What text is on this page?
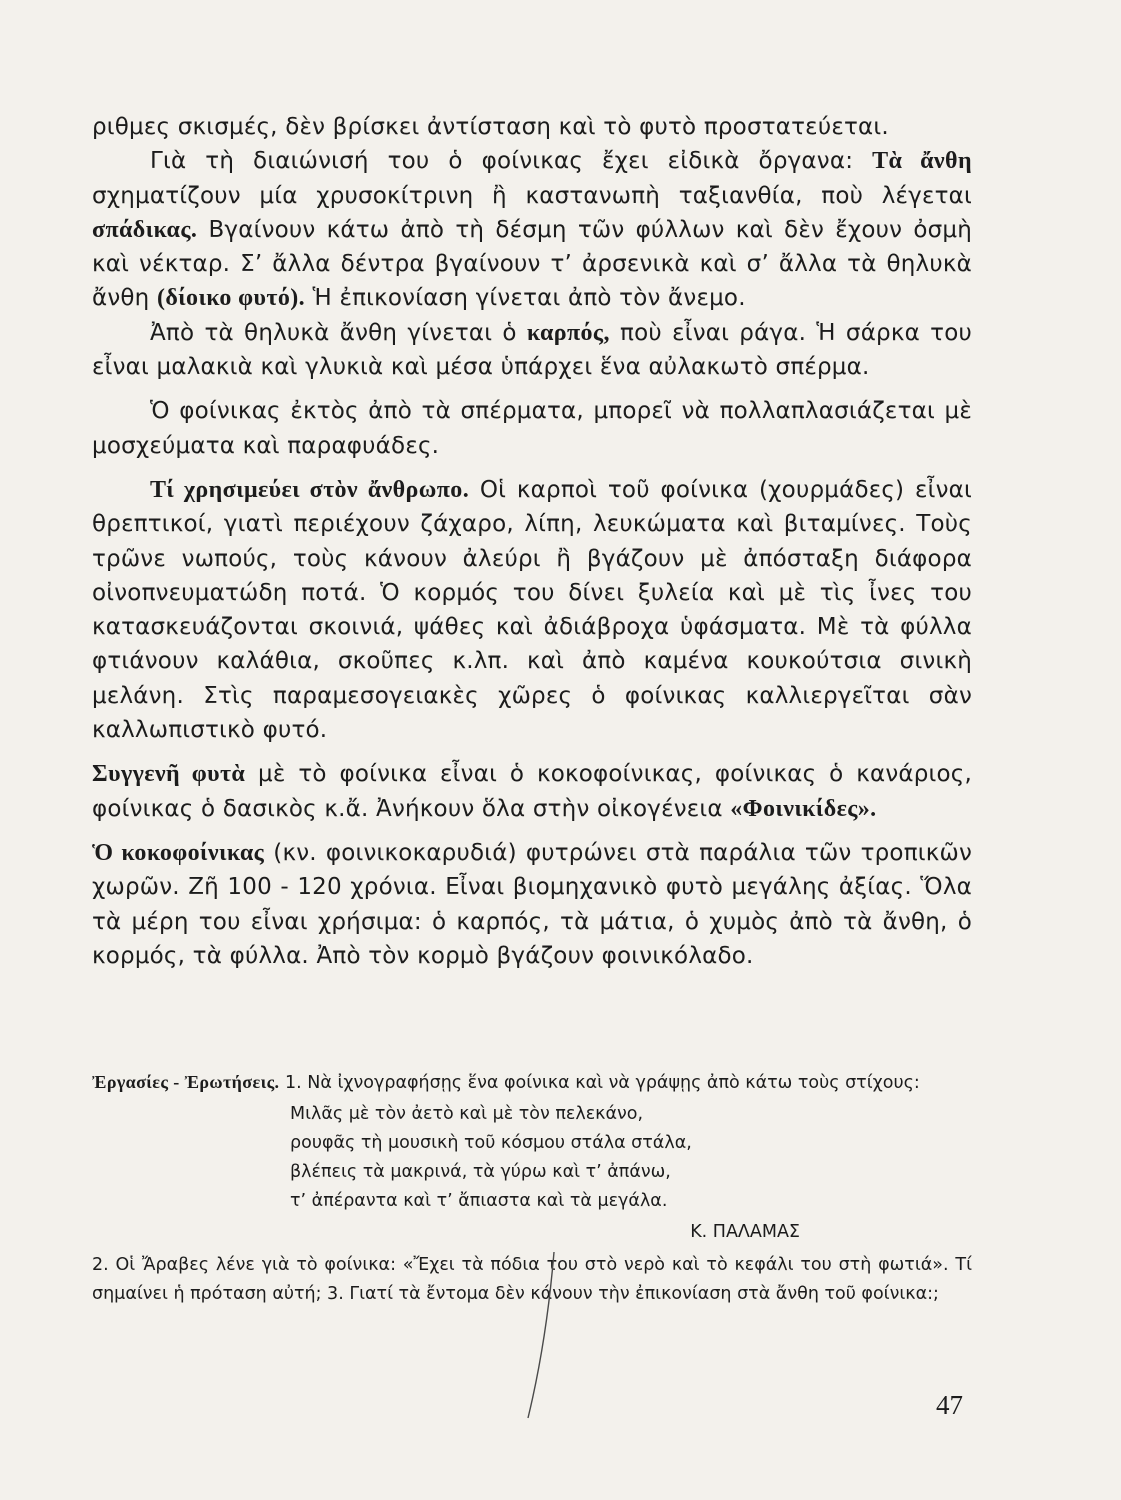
ριθμες σκισμές, δὲν βρίσκει ἀντίσταση καὶ τὸ φυτὸ προστατεύεται.

Γιὰ τὴ διαιώνισή του ὁ φοίνικας ἔχει εἰδικὰ ὄργανα: Τὰ ἄνθη σχηματίζουν μία χρυσοκίτρινη ἢ καστανωπὴ ταξιανθία, ποὺ λέγεται σπάδικας. Βγαίνουν κάτω ἀπὸ τὴ δέσμη τῶν φύλλων καὶ δὲν ἔχουν ὀσμὴ καὶ νέκταρ. Σ’ ἄλλα δέντρα βγαίνουν τ’ ἀρσενικὰ καὶ σ’ ἄλλα τὰ θηλυκὰ ἄνθη (δίοικο φυτό). Ἡ ἐπικονίαση γίνεται ἀπὸ τὸν ἄνεμο.

Ἀπὸ τὰ θηλυκὰ ἄνθη γίνεται ὁ καρπός, ποὺ εἶναι ράγα. Ἡ σάρκα του εἶναι μαλακιὰ καὶ γλυκιὰ καὶ μέσα ὑπάρχει ἕνα αὐλακωτὸ σπέρμα.

Ὁ φοίνικας ἐκτὸς ἀπὸ τὰ σπέρματα, μπορεῖ νὰ πολλαπλασιάζεται μὲ μοσχεύματα καὶ παραφυάδες.

Τί χρησιμεύει στὸν ἄνθρωπο. Οἱ καρποὶ τοῦ φοίνικα (χουρμάδες) εἶναι θρεπτικοί, γιατὶ περιέχουν ζάχαρο, λίπη, λευκώματα καὶ βιταμίνες. Τοὺς τρῶνε νωπούς, τοὺς κάνουν ἀλεύρι ἢ βγάζουν μὲ ἀπόσταξη διάφορα οἰνοπνευματώδη ποτά. Ὁ κορμός του δίνει ξυλεία καὶ μὲ τὶς ἶνες του κατασκευάζονται σκοινιά, ψάθες καὶ ἀδιάβροχα ὑφάσματα. Μὲ τὰ φύλλα φτιάνουν καλάθια, σκοῦπες κ.λπ. καὶ ἀπὸ καμένα κουκούτσια σινικὴ μελάνη. Στὶς παραμεσογειακὲς χῶρες ὁ φοίνικας καλλιεργεῖται σὰν καλλωπιστικὸ φυτό.

Συγγενῆ φυτὰ μὲ τὸ φοίνικα εἶναι ὁ κοκοφοίνικας, φοίνικας ὁ κανάριος, φοίνικας ὁ δασικὸς κ.ἄ. Ἀνήκουν ὅλα στὴν οἰκογένεια «Φοινικίδες».

Ὁ κοκοφοίνικας (κν. φοινικοκαρυδιά) φυτρώνει στὰ παράλια τῶν τροπικῶν χωρῶν. Ζῆ 100 - 120 χρόνια. Εἶναι βιομηχανικὸ φυτὸ μεγάλης ἀξίας. Ὅλα τὰ μέρη του εἶναι χρήσιμα: ὁ καρπός, τὰ μάτια, ὁ χυμὸς ἀπὸ τὰ ἄνθη, ὁ κορμός, τὰ φύλλα. Ἀπὸ τὸν κορμὸ βγάζουν φοινικόλαδο.

Ἐργασίες - Ἐρωτήσεις. 1. Νὰ ἰχνογραφήσῃς ἕνα φοίνικα καὶ νὰ γράψῃς ἀπὸ κάτω τοὺς στίχους:

Μιλᾶς μὲ τὸν ἀετὸ καὶ μὲ τὸν πελεκάνο,
ρουφᾶς τὴ μουσικὴ τοῦ κόσμου στάλα στάλα,
βλέπεις τὰ μακρινά, τὰ γύρω καὶ τ’ ἀπάνω,
τ’ ἀπέραντα καὶ τ’ ἄπιαστα καὶ τὰ μεγάλα.

Κ. ΠΑΛΑΜΑΣ

2. Οἱ Ἄραβες λένε γιὰ τὸ φοίνικα: «Ἔχει τὰ πόδια του στὸ νερὸ καὶ τὸ κεφάλι του στὴ φωτιά». Τί σημαίνει ἡ πρόταση αὐτή; 3. Γιατί τὰ ἔντομα δὲν κάνουν τὴν ἐπικονίαση στὰ ἄνθη τοῦ φοίνικα:;

47
